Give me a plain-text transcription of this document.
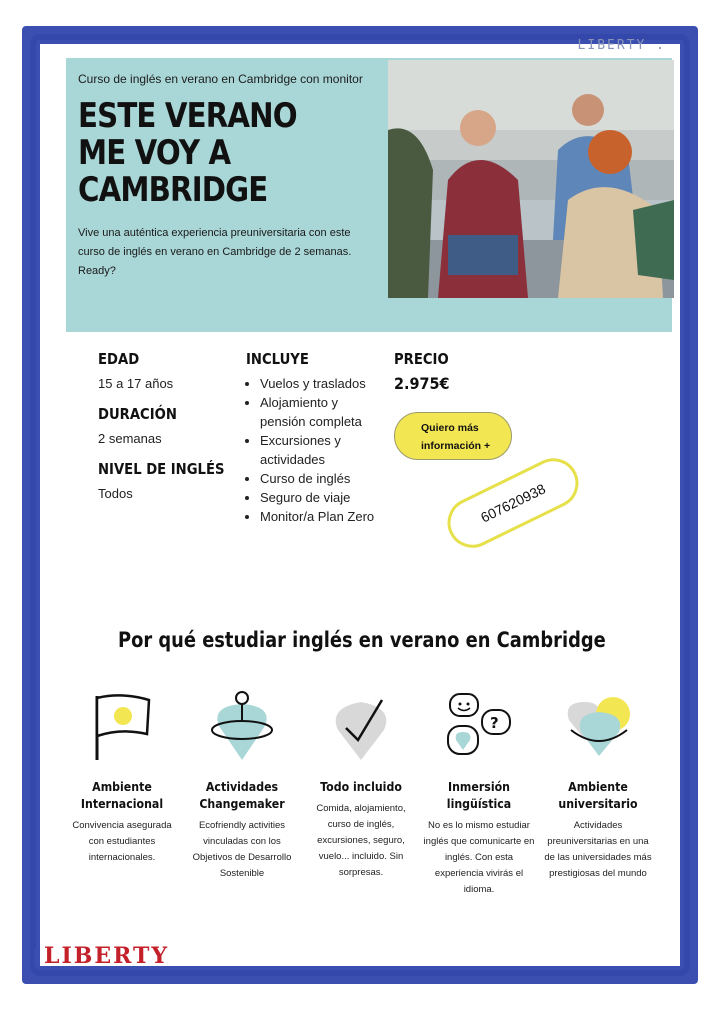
LIBERTY .
Curso de inglés en verano en Cambridge con monitor
ESTE VERANO ME VOY A CAMBRIDGE
Vive una auténtica experiencia preuniversitaria con este curso de inglés en verano en Cambridge de 2 semanas. Ready?
EDAD
15 a 17 años
DURACIÓN
2 semanas
NIVEL DE INGLÉS
Todos
INCLUYE
• Vuelos y traslados
• Alojamiento y pensión completa
• Excursiones y actividades
• Curso de inglés
• Seguro de viaje
• Monitor/a Plan Zero
PRECIO
2.975€
Quiero más
información +
607620938
Por qué estudiar inglés en verano en Cambridge
Ambiente Internacional
Convivencia asegurada con estudiantes internacionales.
Actividades Changemaker
Ecofriendly activities vinculadas con los Objetivos de Desarrollo Sostenible
Todo incluido
Comida, alojamiento, curso de inglés, excursiones, seguro, vuelo... incluido. Sin sorpresas.
?
Inmersión lingüística
No es lo mismo estudiar inglés que comunicarte en inglés. Con esta experiencia vivirás el idioma.
Ambiente universitario
Actividades preuniversitarias en una de las universidades más prestigiosas del mundo
LIBERTY
